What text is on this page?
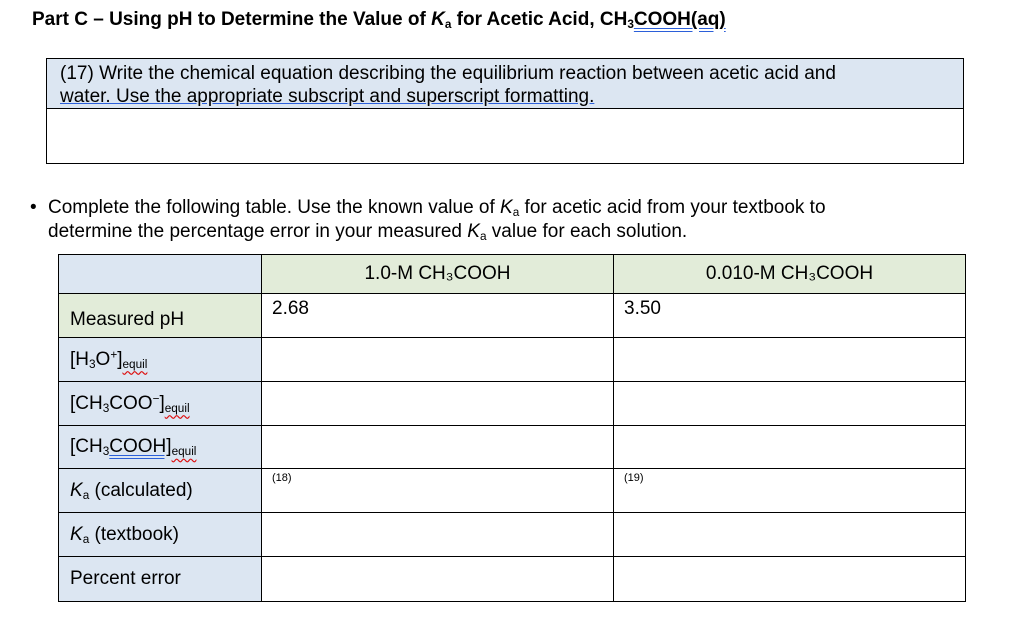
Part C – Using pH to Determine the Value of $K_a$ for Acetic Acid, $CH_3COOH(aq)$
(17) Write the chemical equation describing the equilibrium reaction between acetic acid and
water. Use the appropriate subscript and superscript formatting.
• Complete the following table. Use the known value of $K_a$ for acetic acid from your textbook to
determine the percentage error in your measured $K_a$ value for each solution.
	1.0-M CH₃COOH	0.010-M CH₃COOH
Measured pH	2.68	3.50
$[H_3O^+]_{equil}$		
$[CH_3COO^-]_{equil}$		
$[CH_3COOH]_{equil}$		
$K_a$ (calculated)	(18)	(19)

$K_a$ (textbook)		
Percent error		
